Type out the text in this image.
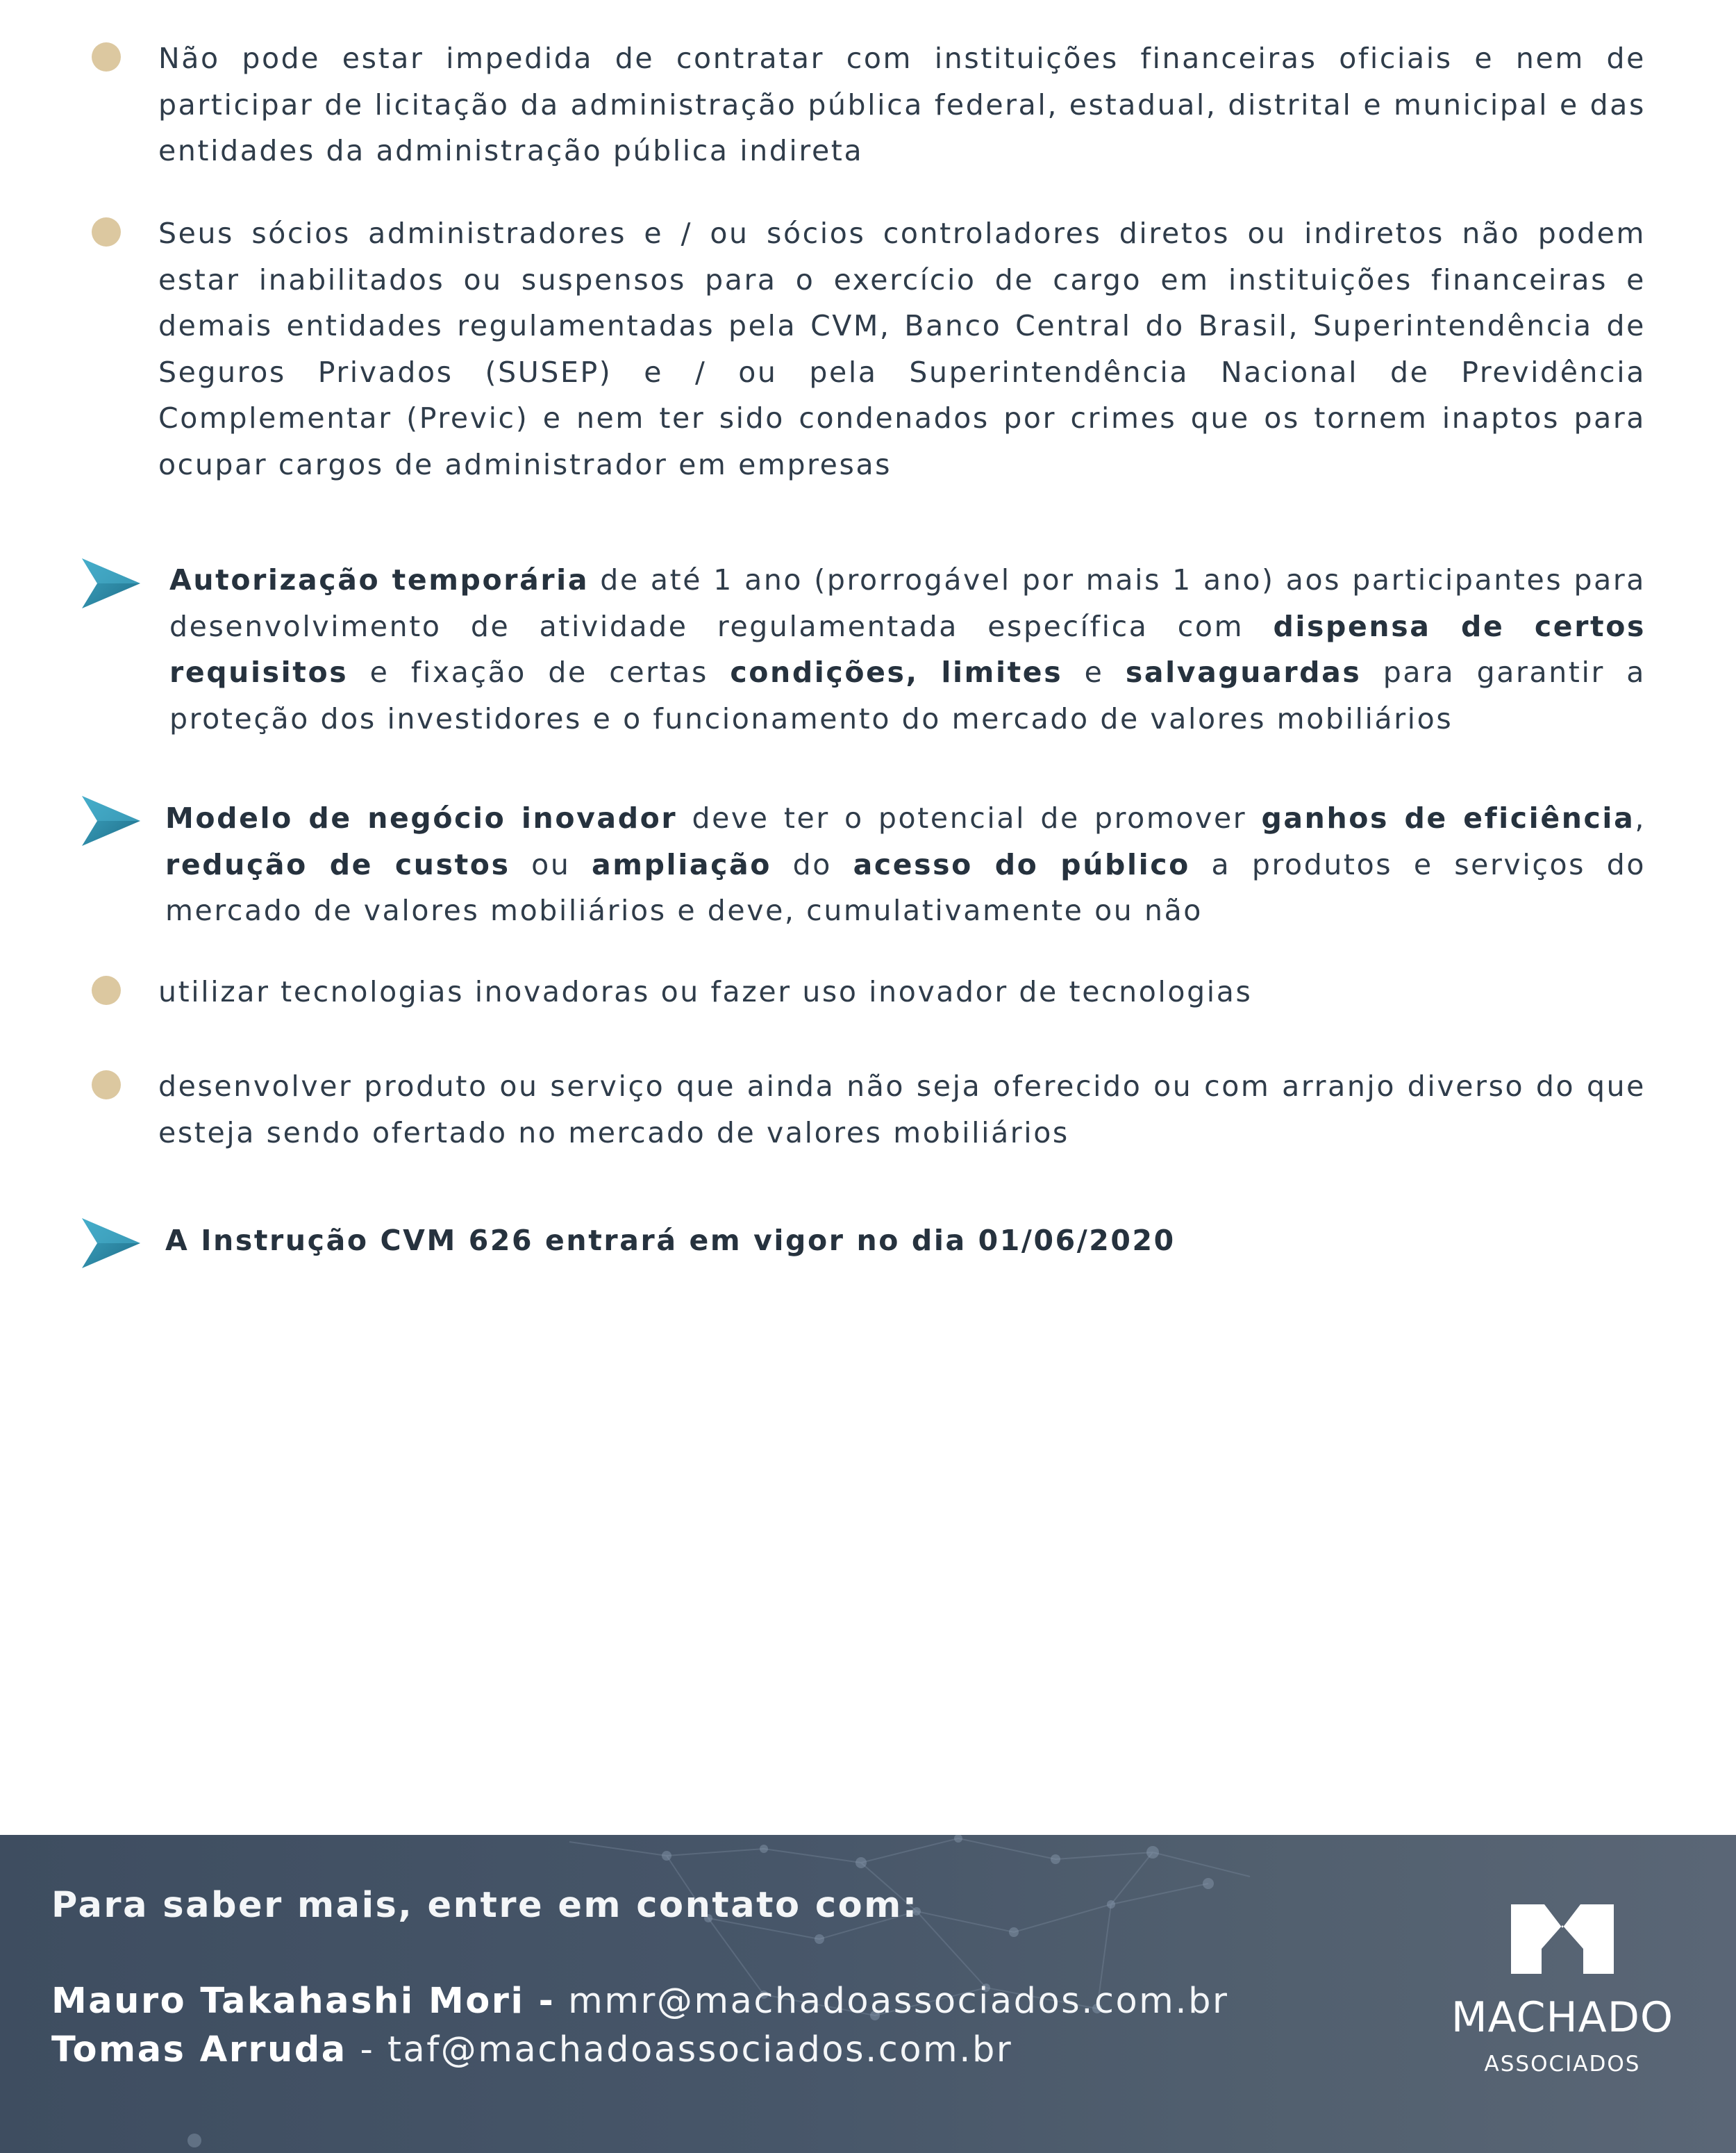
Não pode estar impedida de contratar com instituições financeiras oficiais e nem de participar de licitação da administração pública federal, estadual, distrital e municipal e das entidades da administração pública indireta
Seus sócios administradores e / ou sócios controladores diretos ou indiretos não podem estar inabilitados ou suspensos para o exercício de cargo em instituições financeiras e demais entidades regulamentadas pela CVM, Banco Central do Brasil, Superintendência de Seguros Privados (SUSEP) e / ou pela Superintendência Nacional de Previdência Complementar (Previc) e nem ter sido condenados por crimes que os tornem inaptos para ocupar cargos de administrador em empresas
Autorização temporária de até 1 ano (prorrogável por mais 1 ano) aos participantes para desenvolvimento de atividade regulamentada específica com dispensa de certos requisitos e fixação de certas condições, limites e salvaguardas para garantir a proteção dos investidores e o funcionamento do mercado de valores mobiliários
Modelo de negócio inovador deve ter o potencial de promover ganhos de eficiência, redução de custos ou ampliação do acesso do público a produtos e serviços do mercado de valores mobiliários e deve, cumulativamente ou não
utilizar tecnologias inovadoras ou fazer uso inovador de tecnologias
desenvolver produto ou serviço que ainda não seja oferecido ou com arranjo diverso do que esteja sendo ofertado no mercado de valores mobiliários
A Instrução CVM 626 entrará em vigor no dia 01/06/2020
Para saber mais, entre em contato com:
Mauro Takahashi Mori - mmr@machadoassociados.com.br
Tomas Arruda - taf@machadoassociados.com.br
MACHADO
ASSOCIADOS
